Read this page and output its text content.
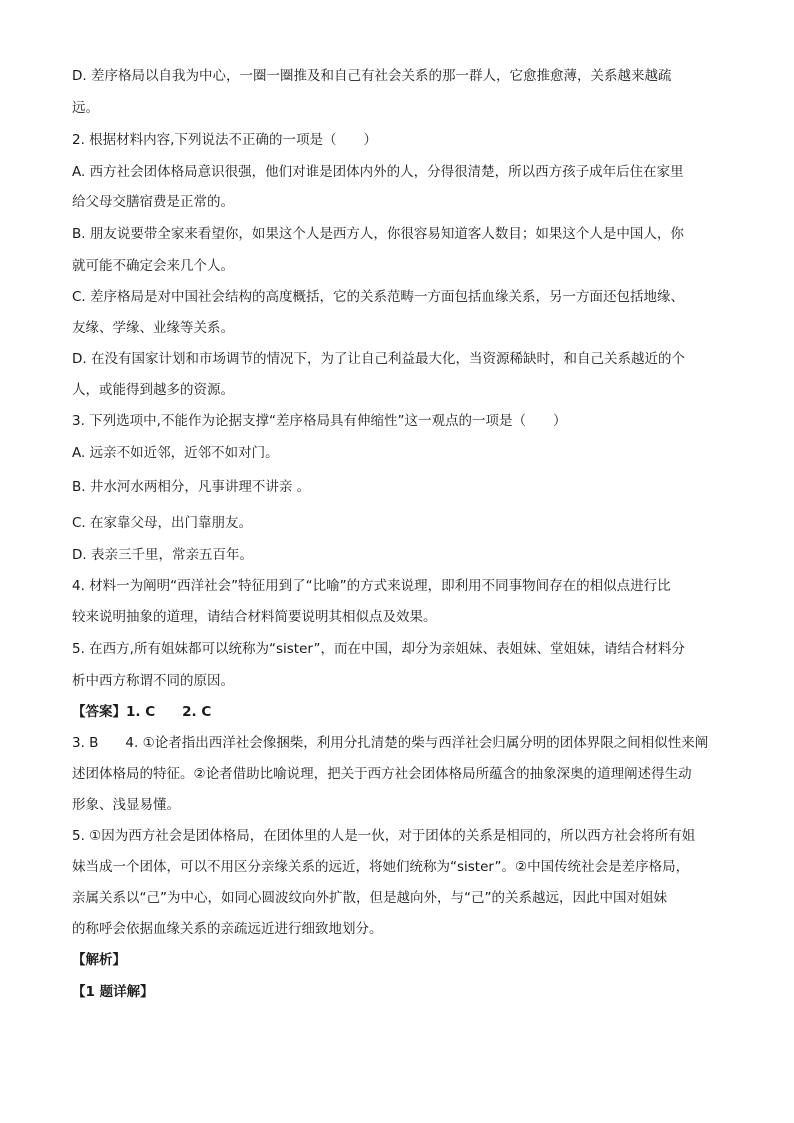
D. 差序格局以自我为中心，一圈一圈推及和自己有社会关系的那一群人，它愈推愈薄，关系越来越疏
远。
2. 根据材料内容,下列说法不正确的一项是（　　）
A. 西方社会团体格局意识很强，他们对谁是团体内外的人，分得很清楚，所以西方孩子成年后住在家里
给父母交膳宿费是正常的。
B. 朋友说要带全家来看望你，如果这个人是西方人，你很容易知道客人数目；如果这个人是中国人，你
就可能不确定会来几个人。
C. 差序格局是对中国社会结构的高度概括，它的关系范畴一方面包括血缘关系，另一方面还包括地缘、
友缘、学缘、业缘等关系。
D. 在没有国家计划和市场调节的情况下，为了让自己利益最大化，当资源稀缺时，和自己关系越近的个
人，或能得到越多的资源。
3. 下列选项中,不能作为论据支撑“差序格局具有伸缩性”这一观点的一项是（　　）
A. 远亲不如近邻，近邻不如对门。
B. 井水河水两相分，凡事讲理不讲亲 。
C. 在家靠父母，出门靠朋友。
D. 表亲三千里，常亲五百年。
4. 材料一为阐明“西洋社会”特征用到了“比喻”的方式来说理，即利用不同事物间存在的相似点进行比
较来说明抽象的道理，请结合材料简要说明其相似点及效果。
5. 在西方,所有姐妹都可以统称为“sister”，而在中国，却分为亲姐妹、表姐妹、堂姐妹，请结合材料分
析中西方称谓不同的原因。
【答案】1. C　　2. C
3. B　　4. ①论者指出西洋社会像捆柴，利用分扎清楚的柴与西洋社会归属分明的团体界限之间相似性来阐
述团体格局的特征。②论者借助比喻说理，把关于西方社会团体格局所蕴含的抽象深奥的道理阐述得生动
形象、浅显易懂。
5. ①因为西方社会是团体格局，在团体里的人是一伙，对于团体的关系是相同的，所以西方社会将所有姐
妹当成一个团体，可以不用区分亲缘关系的远近，将她们统称为“sister”。②中国传统社会是差序格局，
亲属关系以“己”为中心，如同心圆波纹向外扩散，但是越向外，与“己”的关系越远，因此中国对姐妹
的称呼会依据血缘关系的亲疏远近进行细致地划分。
【解析】
【1 题详解】
